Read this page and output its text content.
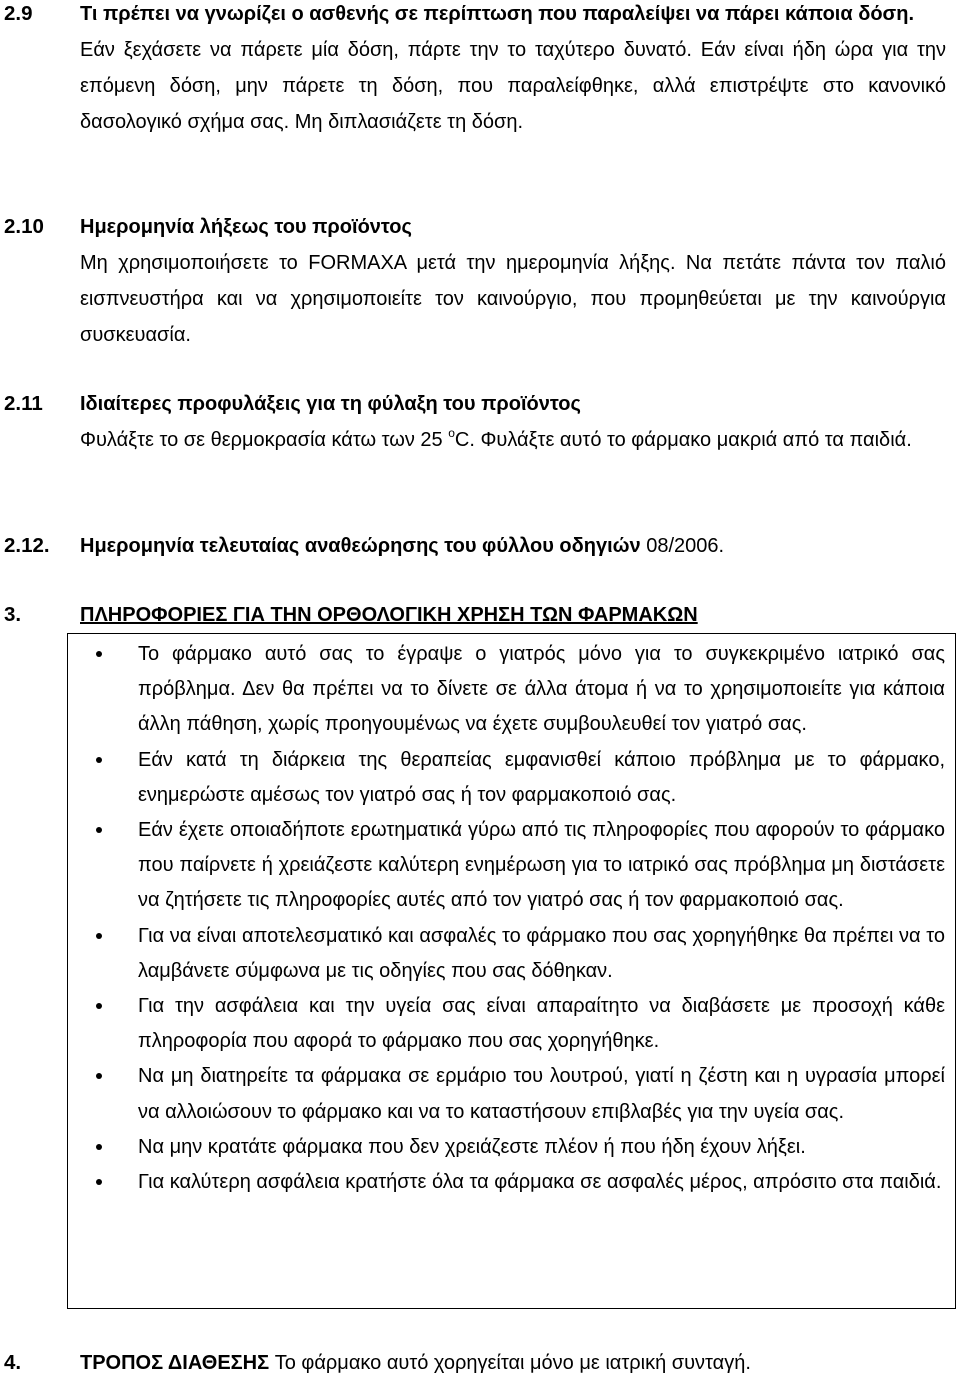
2.9 Τι πρέπει να γνωρίζει ο ασθενής σε περίπτωση που παραλείψει να πάρει κάποια δόση.
Εάν ξεχάσετε να πάρετε μία δόση, πάρτε την το ταχύτερο δυνατό. Εάν είναι ήδη ώρα για την επόμενη δόση, μην πάρετε τη δόση, που παραλείφθηκε, αλλά επιστρέψτε στο κανονικό δασολογικό σχήμα σας. Μη διπλασιάζετε τη δόση.
2.10 Ημερομηνία λήξεως του προϊόντος
Μη χρησιμοποιήσετε το FORMAXA μετά την ημερομηνία λήξης. Να πετάτε πάντα τον παλιό εισπνευστήρα και να χρησιμοποιείτε τον καινούργιο, που προμηθεύεται με την καινούργια συσκευασία.
2.11 Ιδιαίτερες προφυλάξεις για τη φύλαξη του προϊόντος
Φυλάξτε το σε θερμοκρασία κάτω των 25 $^o$C. Φυλάξτε αυτό το φάρμακο μακριά από τα παιδιά.
2.12. Ημερομηνία τελευταίας αναθεώρησης του φύλλου οδηγιών 08/2006.
3.	ΠΛΗΡΟΦΟΡΙΕΣ ΓΙΑ ΤΗΝ ΟΡΘΟΛΟΓΙΚΗ ΧΡΗΣΗ ΤΩΝ ΦΑΡΜΑΚΩΝ
Το φάρμακο αυτό σας το έγραψε ο γιατρός μόνο για το συγκεκριμένο ιατρικό σας πρόβλημα. Δεν θα πρέπει να το δίνετε σε άλλα άτομα ή να το χρησιμοποιείτε για κάποια άλλη πάθηση, χωρίς προηγουμένως να έχετε συμβουλευθεί τον γιατρό σας.
Εάν κατά τη διάρκεια της θεραπείας εμφανισθεί κάποιο πρόβλημα με το φάρμακο, ενημερώστε αμέσως τον γιατρό σας ή τον φαρμακοποιό σας.
Εάν έχετε οποιαδήποτε ερωτηματικά γύρω από τις πληροφορίες που αφορούν το φάρμακο που παίρνετε ή χρειάζεστε καλύτερη ενημέρωση για το ιατρικό σας πρόβλημα μη διστάσετε να ζητήσετε τις πληροφορίες αυτές από τον γιατρό σας ή τον φαρμακοποιό σας.
Για να είναι αποτελεσματικό και ασφαλές το φάρμακο που σας χορηγήθηκε θα πρέπει να το λαμβάνετε σύμφωνα με τις οδηγίες που σας δόθηκαν.
Για την ασφάλεια και την υγεία σας είναι απαραίτητο να διαβάσετε με προσοχή κάθε πληροφορία που αφορά το φάρμακο που σας χορηγήθηκε.
Να μη διατηρείτε τα φάρμακα σε ερμάριο του λουτρού, γιατί η ζέστη και η υγρασία μπορεί να αλλοιώσουν το φάρμακο και να το καταστήσουν επιβλαβές για την υγεία σας.
Να μην κρατάτε φάρμακα που δεν χρειάζεστε πλέον ή που ήδη έχουν λήξει.
Για καλύτερη ασφάλεια κρατήστε όλα τα φάρμακα σε ασφαλές μέρος, απρόσιτο στα παιδιά.
4.	ΤΡΟΠΟΣ ΔΙΑΘΕΣΗΣ Το φάρμακο αυτό χορηγείται μόνο με ιατρική συνταγή.
